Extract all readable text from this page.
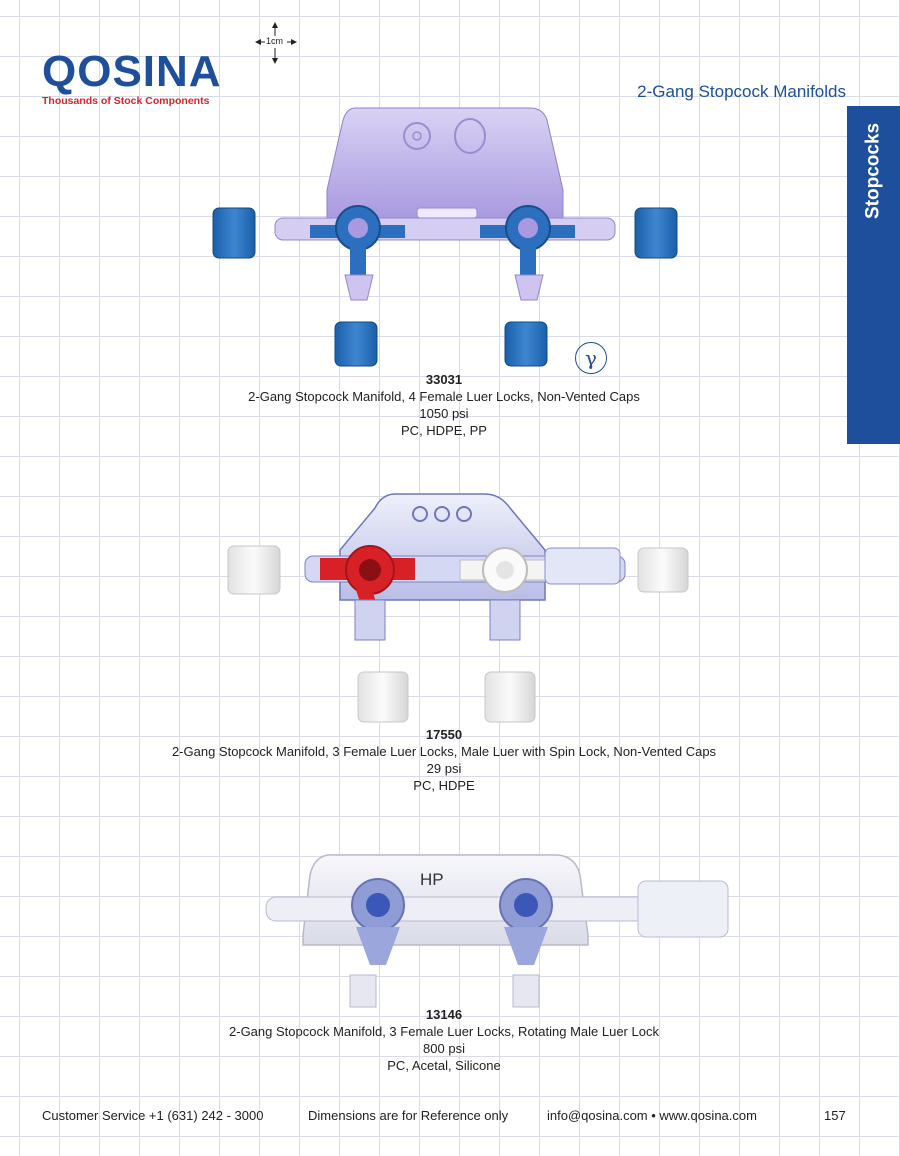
QOSINA
Thousands of Stock Components
1cm
2-Gang Stopcock Manifolds
Stopcocks
γ
33031
2-Gang Stopcock Manifold, 4 Female Luer Locks, Non-Vented Caps
1050 psi
PC, HDPE, PP
17550
2-Gang Stopcock Manifold, 3 Female Luer Locks, Male Luer with Spin Lock, Non-Vented Caps
29 psi
PC, HDPE
HP
13146
2-Gang Stopcock Manifold, 3 Female Luer Locks, Rotating Male Luer Lock
800 psi
PC, Acetal, Silicone
Customer Service +1 (631) 242 - 3000	Dimensions are for Reference only	info@qosina.com • www.qosina.com	157
